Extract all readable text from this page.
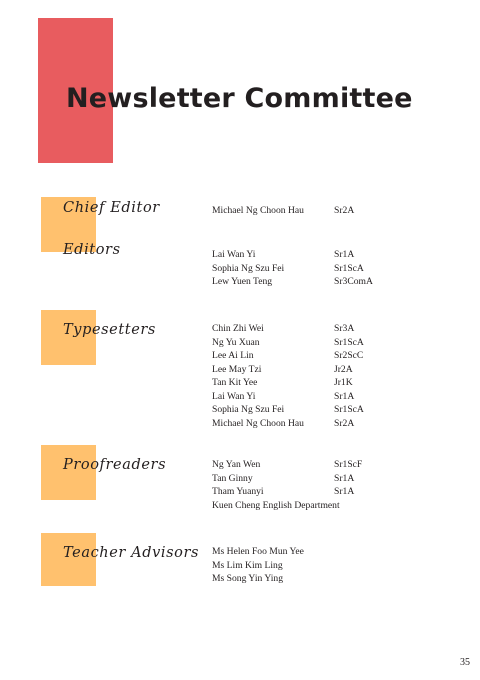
Newsletter Committee
Chief Editor	Michael Ng Choon Hau	Sr2A
Editors	Lai Wan Yi	Sr1A
Sophia Ng Szu Fei	Sr1ScA
Lew Yuen Teng	Sr3ComA
Typesetters	Chin Zhi Wei	Sr3A
Ng Yu Xuan	Sr1ScA
Lee Ai Lin	Sr2ScC
Lee May Tzi	Jr2A
Tan Kit Yee	Jr1K
Lai Wan Yi	Sr1A
Sophia Ng Szu Fei	Sr1ScA
Michael Ng Choon Hau	Sr2A
Proofreaders	Ng Yan Wen	Sr1ScF
Tan Ginny	Sr1A
Tham Yuanyi	Sr1A
Kuen Cheng English Department
Teacher Advisors Ms Helen Foo Mun Yee
Ms Lim Kim Ling
Ms Song Yin Ying
35
